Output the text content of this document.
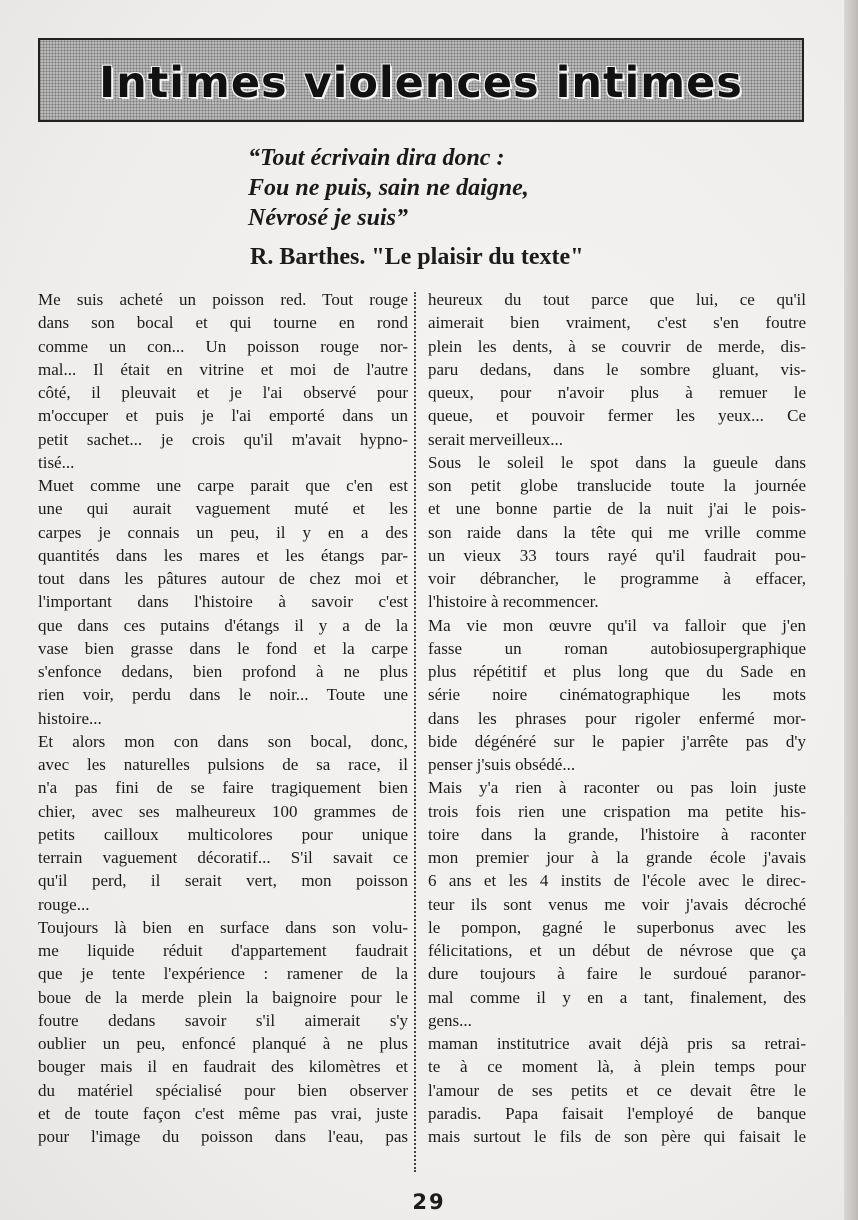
Intimes violences intimes
“Tout écrivain dira donc :
Fou ne puis, sain ne daigne,
Névrosé je suis”
R. Barthes. "Le plaisir du texte"
Me suis acheté un poisson red. Tout rouge
dans son bocal et qui tourne en rond
comme un con... Un poisson rouge nor-
mal... Il était en vitrine et moi de l'autre
côté, il pleuvait et je l'ai observé pour
m'occuper et puis je l'ai emporté dans un
petit sachet... je crois qu'il m'avait hypno-
tisé...
Muet comme une carpe parait que c'en est
une qui aurait vaguement muté et les
carpes je connais un peu, il y en a des
quantités dans les mares et les étangs par-
tout dans les pâtures autour de chez moi et
l'important dans l'histoire à savoir c'est
que dans ces putains d'étangs il y a de la
vase bien grasse dans le fond et la carpe
s'enfonce dedans, bien profond à ne plus
rien voir, perdu dans le noir... Toute une
histoire...
Et alors mon con dans son bocal, donc,
avec les naturelles pulsions de sa race, il
n'a pas fini de se faire tragiquement bien
chier, avec ses malheureux 100 grammes de
petits cailloux multicolores pour unique
terrain vaguement décoratif... S'il savait ce
qu'il perd, il serait vert, mon poisson
rouge...
Toujours là bien en surface dans son volu-
me liquide réduit d'appartement faudrait
que je tente l'expérience : ramener de la
boue de la merde plein la baignoire pour le
foutre dedans savoir s'il aimerait s'y
oublier un peu, enfoncé planqué à ne plus
bouger mais il en faudrait des kilomètres et
du matériel spécialisé pour bien observer
et de toute façon c'est même pas vrai, juste
pour l'image du poisson dans l'eau, pas
heureux du tout parce que lui, ce qu'il
aimerait bien vraiment, c'est s'en foutre
plein les dents, à se couvrir de merde, dis-
paru dedans, dans le sombre gluant, vis-
queux, pour n'avoir plus à remuer le
queue, et pouvoir fermer les yeux... Ce
serait merveilleux...
Sous le soleil le spot dans la gueule dans
son petit globe translucide toute la journée
et une bonne partie de la nuit j'ai le pois-
son raide dans la tête qui me vrille comme
un vieux 33 tours rayé qu'il faudrait pou-
voir débrancher, le programme à effacer,
l'histoire à recommencer.
Ma vie mon œuvre qu'il va falloir que j'en
fasse un roman autobiosupergraphique
plus répétitif et plus long que du Sade en
série noire cinématographique les mots
dans les phrases pour rigoler enfermé mor-
bide dégénéré sur le papier j'arrête pas d'y
penser j'suis obsédé...
Mais y'a rien à raconter ou pas loin juste
trois fois rien une crispation ma petite his-
toire dans la grande, l'histoire à raconter
mon premier jour à la grande école j'avais
6 ans et les 4 instits de l'école avec le direc-
teur ils sont venus me voir j'avais décroché
le pompon, gagné le superbonus avec les
félicitations, et un début de névrose que ça
dure toujours à faire le surdoué paranor-
mal comme il y en a tant, finalement, des
gens...
maman institutrice avait déjà pris sa retrai-
te à ce moment là, à plein temps pour
l'amour de ses petits et ce devait être le
paradis. Papa faisait l'employé de banque
mais surtout le fils de son père qui faisait le
29
